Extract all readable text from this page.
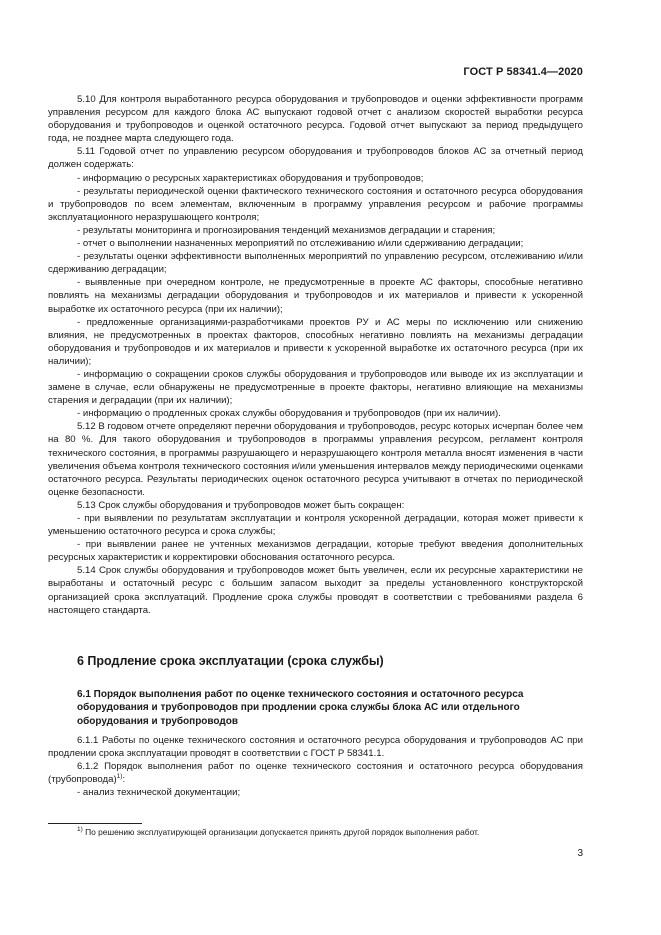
ГОСТ Р 58341.4—2020

5.10 Для контроля выработанного ресурса оборудования и трубопроводов и оценки эффективности программ управления ресурсом для каждого блока АС выпускают годовой отчет с анализом скоростей выработки ресурса оборудования и трубопроводов и оценкой остаточного ресурса. Годовой отчет выпускают за период предыдущего года, не позднее марта следующего года.

5.11 Годовой отчет по управлению ресурсом оборудования и трубопроводов блоков АС за отчетный период должен содержать:

- информацию о ресурсных характеристиках оборудования и трубопроводов;

- результаты периодической оценки фактического технического состояния и остаточного ресурса оборудования и трубопроводов по всем элементам, включенным в программу управления ресурсом и рабочие программы эксплуатационного неразрушающего контроля;

- результаты мониторинга и прогнозирования тенденций механизмов деградации и старения;

- отчет о выполнении назначенных мероприятий по отслеживанию и/или сдерживанию деградации;

- результаты оценки эффективности выполненных мероприятий по управлению ресурсом, отслеживанию и/или сдерживанию деградации;

- выявленные при очередном контроле, не предусмотренные в проекте АС факторы, способные негативно повлиять на механизмы деградации оборудования и трубопроводов и их материалов и привести к ускоренной выработке их остаточного ресурса (при их наличии);

- предложенные организациями-разработчиками проектов РУ и АС меры по исключению или снижению влияния, не предусмотренных в проектах факторов, способных негативно повлиять на механизмы деградации оборудования и трубопроводов и их материалов и привести к ускоренной выработке их остаточного ресурса (при их наличии);

- информацию о сокращении сроков службы оборудования и трубопроводов или выводе их из эксплуатации и замене в случае, если обнаружены не предусмотренные в проекте факторы, негативно влияющие на механизмы старения и деградации (при их наличии);

- информацию о продленных сроках службы оборудования и трубопроводов (при их наличии).

5.12 В годовом отчете определяют перечни оборудования и трубопроводов, ресурс которых исчерпан более чем на 80 %. Для такого оборудования и трубопроводов в программы управления ресурсом, регламент контроля технического состояния, в программы разрушающего и неразрушающего контроля металла вносят изменения в части увеличения объема контроля технического состояния и/или уменьшения интервалов между периодическими оценками остаточного ресурса. Результаты периодических оценок остаточного ресурса учитывают в отчетах по периодической оценке безопасности.

5.13 Срок службы оборудования и трубопроводов может быть сокращен:

- при выявлении по результатам эксплуатации и контроля ускоренной деградации, которая может привести к уменьшению остаточного ресурса и срока службы;

- при выявлении ранее не учтенных механизмов деградации, которые требуют введения дополнительных ресурсных характеристик и корректировки обоснования остаточного ресурса.

5.14 Срок службы оборудования и трубопроводов может быть увеличен, если их ресурсные характеристики не выработаны и остаточный ресурс с большим запасом выходит за пределы установленного конструкторской организацией срока эксплуатаций. Продление срока службы проводят в соответствии с требованиями раздела 6 настоящего стандарта.

6 Продление срока эксплуатации (срока службы)
6.1 Порядок выполнения работ по оценке технического состояния и остаточного ресурса оборудования и трубопроводов при продлении срока службы блока АС или отдельного оборудования и трубопроводов

6.1.1 Работы по оценке технического состояния и остаточного ресурса оборудования и трубопроводов АС при продлении срока эксплуатации проводят в соответствии с ГОСТ Р 58341.1.

6.1.2 Порядок выполнения работ по оценке технического состояния и остаточного ресурса оборудования (трубопровода)$^{1)}$:

- анализ технической документации;

$^{1)}$ По решению эксплуатирующей организации допускается принять другой порядок выполнения работ.
3
